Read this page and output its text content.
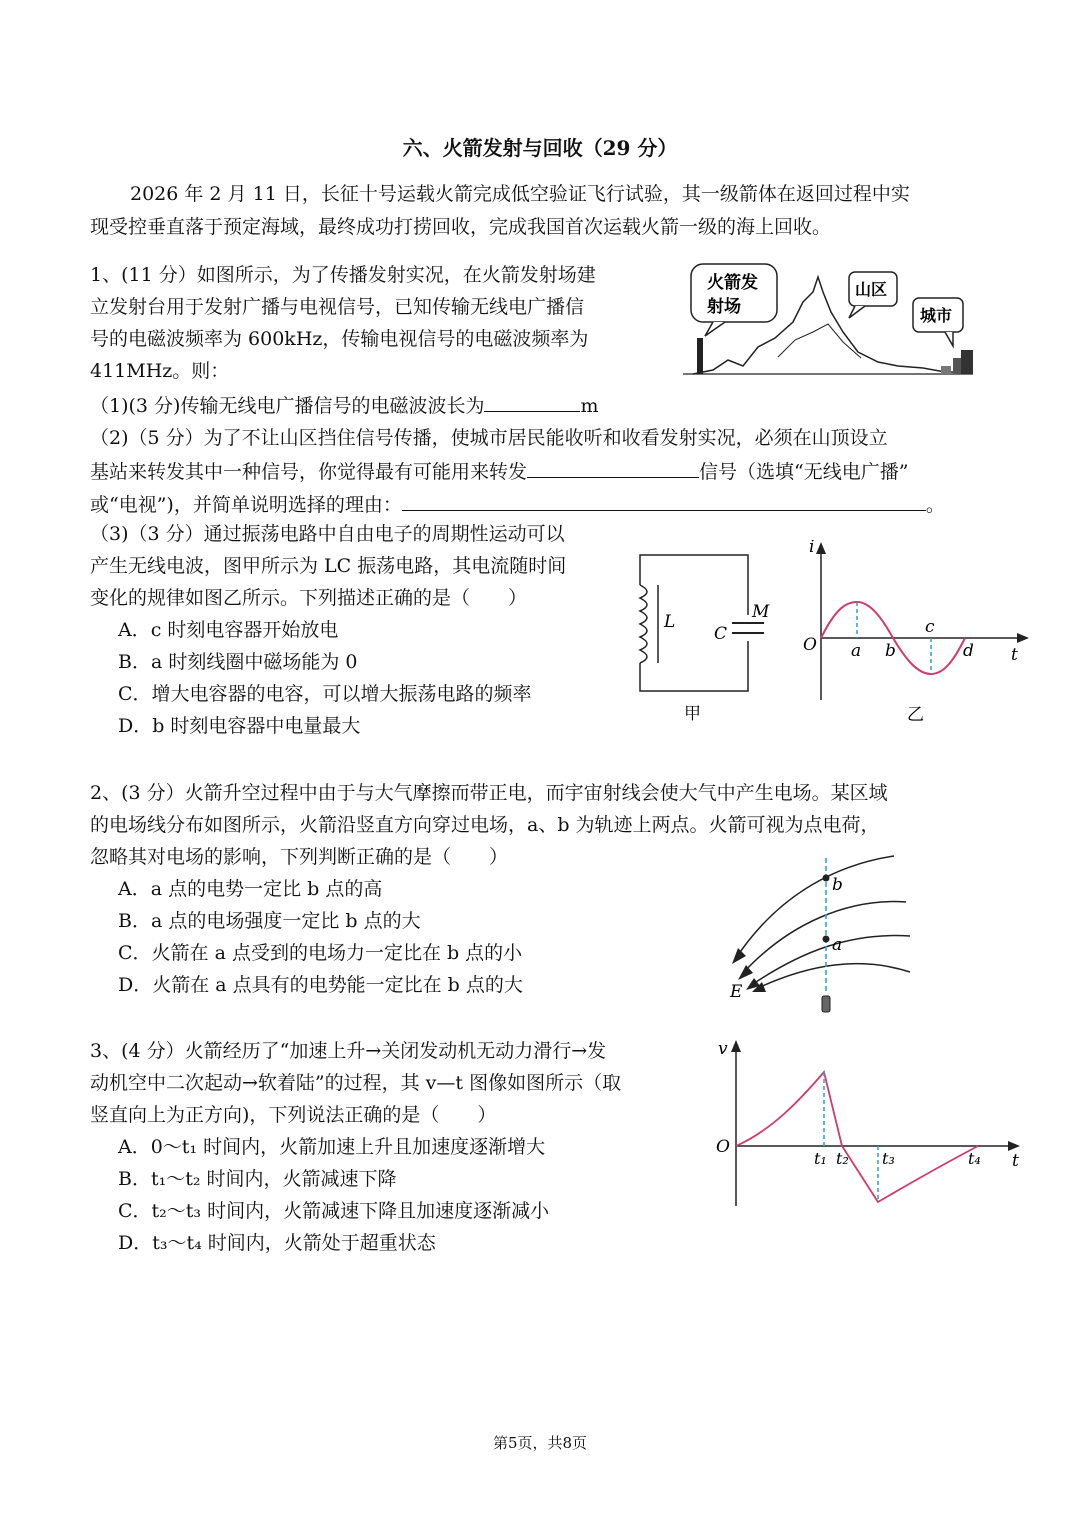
六、火箭发射与回收（29 分）
2026 年 2 月 11 日，长征十号运载火箭完成低空验证飞行试验，其一级箭体在返回过程中实
现受控垂直落于预定海域，最终成功打捞回收，完成我国首次运载火箭一级的海上回收。
1、(11 分）如图所示，为了传播发射实况，在火箭发射场建
立发射台用于发射广播与电视信号，已知传输无线电广播信
号的电磁波频率为 600kHz，传输电视信号的电磁波频率为
411MHz。则：
火箭发
射场
山区
城市
（1)(3 分)传输无线电广播信号的电磁波波长为	m
（2)（5 分）为了不让山区挡住信号传播，使城市居民能收听和收看发射实况，必须在山顶设立
基站来转发其中一种信号，你觉得最有可能用来转发	信号（选填“无线电广播”
或“电视”)，并简单说明选择的理由：	。
（3)（3 分）通过振荡电路中自由电子的周期性运动可以
产生无线电波，图甲所示为 LC 振荡电路，其电流随时间
变化的规律如图乙所示。下列描述正确的是（　　）
A．c 时刻电容器开始放电
B．a 时刻线圈中磁场能为 0
C．增大电容器的电容，可以增大振荡电路的频率
D．b 时刻电容器中电量最大
L
C
M
甲
i
O	t
a b
c
d
乙
2、(3 分）火箭升空过程中由于与大气摩擦而带正电，而宇宙射线会使大气中产生电场。某区域
的电场线分布如图所示，火箭沿竖直方向穿过电场，a、b 为轨迹上两点。火箭可视为点电荷，
忽略其对电场的影响，下列判断正确的是（　　）
A．a 点的电势一定比 b 点的高
B．a 点的电场强度一定比 b 点的大
C．火箭在 a 点受到的电场力一定比在 b 点的小
D．火箭在 a 点具有的电势能一定比在 b 点的大
b
a
E
3、(4 分）火箭经历了“加速上升→关闭发动机无动力滑行→发
动机空中二次起动→软着陆”的过程，其 v—t 图像如图所示（取
竖直向上为正方向)，下列说法正确的是（　　）
A．0～t₁ 时间内，火箭加速上升且加速度逐渐增大
B．t₁～t₂ 时间内，火箭减速下降
C．t₂～t₃ 时间内，火箭减速下降且加速度逐渐减小
D．t₃～t₄ 时间内，火箭处于超重状态
v
O
t
t₁ t₂ t₃	t₄
第5页，共8页
